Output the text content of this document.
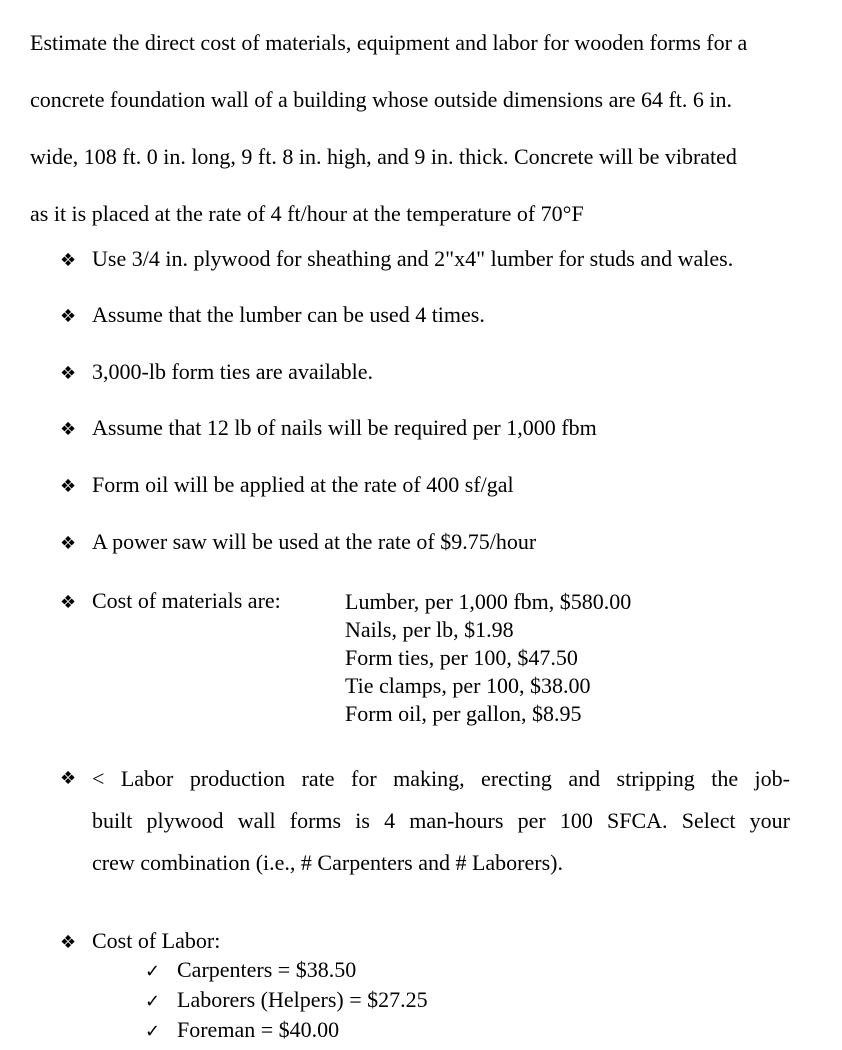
Estimate the direct cost of materials, equipment and labor for wooden forms for a
concrete foundation wall of a building whose outside dimensions are 64 ft. 6 in.
wide, 108 ft. 0 in. long, 9 ft. 8 in. high, and 9 in. thick. Concrete will be vibrated
as it is placed at the rate of 4 ft/hour at the temperature of 70°F
❖ Use 3/4 in. plywood for sheathing and 2"x4" lumber for studs and wales.
❖ Assume that the lumber can be used 4 times.
❖ 3,000-lb form ties are available.
❖ Assume that 12 lb of nails will be required per 1,000 fbm
❖ Form oil will be applied at the rate of 400 sf/gal
❖ A power saw will be used at the rate of $9.75/hour
❖ Cost of materials are:	Lumber, per 1,000 fbm, $580.00
Nails, per lb, $1.98
Form ties, per 100, $47.50
Tie clamps, per 100, $38.00
Form oil, per gallon, $8.95
❖ < Labor production rate for making, erecting and stripping the job-
built plywood wall forms is 4 man-hours per 100 SFCA. Select your
crew combination (i.e., # Carpenters and # Laborers).
❖ Cost of Labor:
✓ Carpenters = $38.50
✓ Laborers (Helpers) = $27.25
✓ Foreman = $40.00
